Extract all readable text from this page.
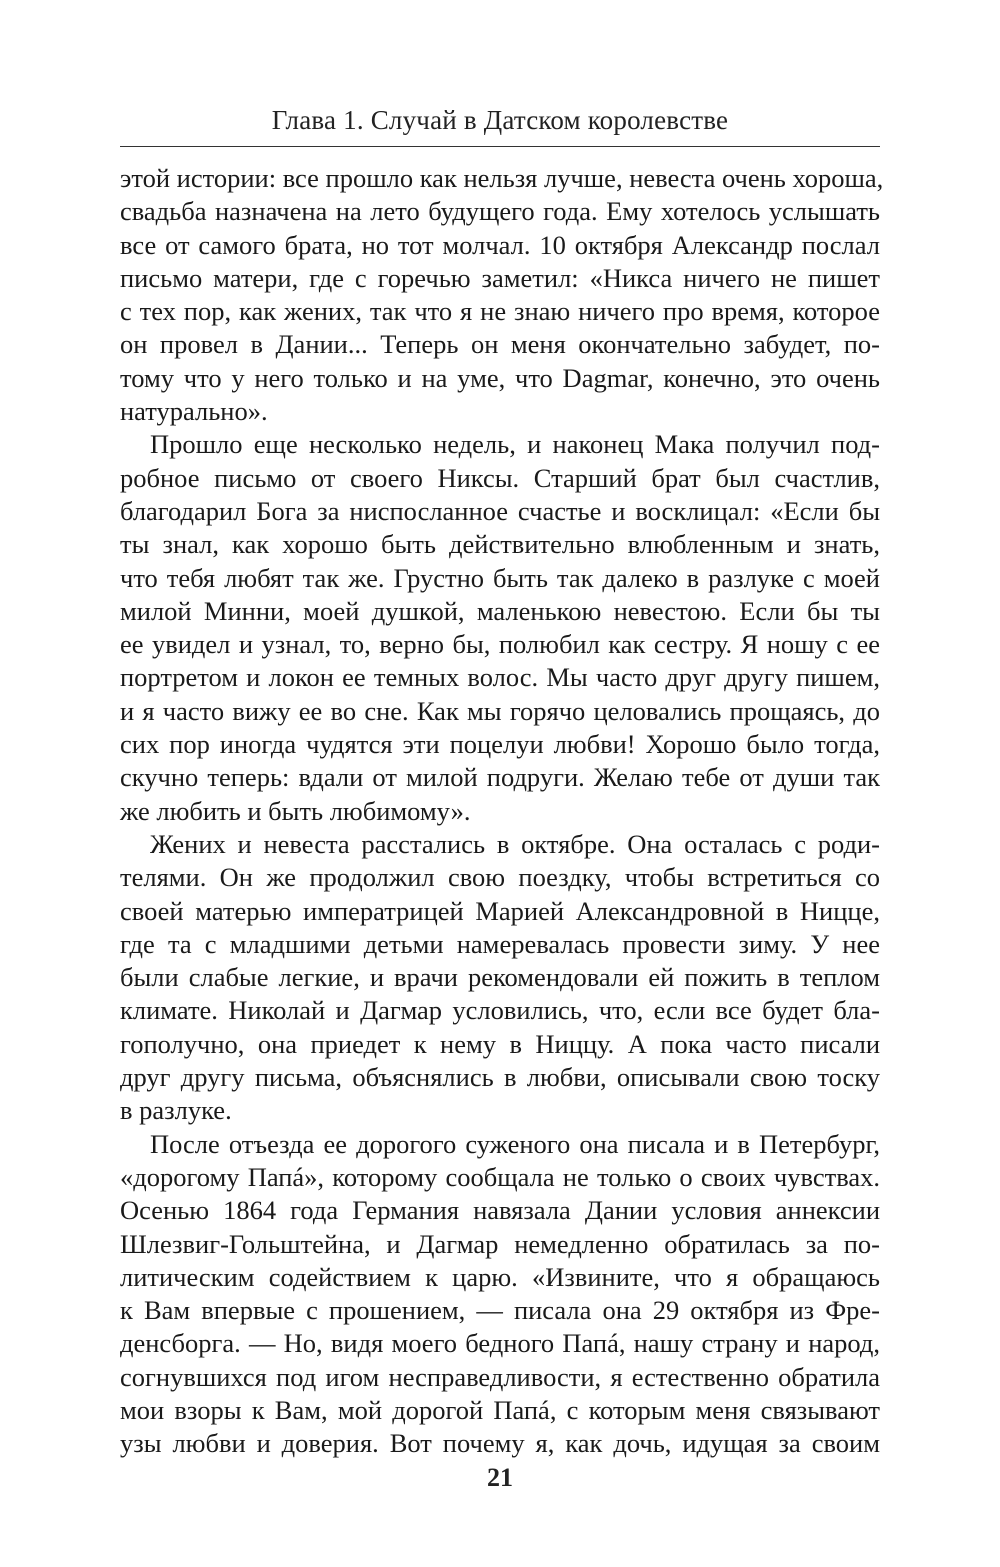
Глава 1. Случай в Датском королевстве
этой истории: все прошло как нельзя лучше, невеста очень хороша,
свадьба назначена на лето будущего года. Ему хотелось услышать
все от самого брата, но тот молчал. 10 октября Александр послал
письмо матери, где с горечью заметил: «Никса ничего не пишет
с тех пор, как жених, так что я не знаю ничего про время, которое
он провел в Дании... Теперь он меня окончательно забудет, по-
тому что у него только и на уме, что Dagmar, конечно, это очень
натурально».
Прошло еще несколько недель, и наконец Мака получил под-
робное письмо от своего Никсы. Старший брат был счастлив,
благодарил Бога за ниспосланное счастье и восклицал: «Если бы
ты знал, как хорошо быть действительно влюбленным и знать,
что тебя любят так же. Грустно быть так далеко в разлуке с моей
милой Минни, моей душкой, маленькою невестою. Если бы ты
ее увидел и узнал, то, верно бы, полюбил как сестру. Я ношу с ее
портретом и локон ее темных волос. Мы часто друг другу пишем,
и я часто вижу ее во сне. Как мы горячо целовались прощаясь, до
сих пор иногда чудятся эти поцелуи любви! Хорошо было тогда,
скучно теперь: вдали от милой подруги. Желаю тебе от души так
же любить и быть любимому».
Жених и невеста расстались в октябре. Она осталась с роди-
телями. Он же продолжил свою поездку, чтобы встретиться со
своей матерью императрицей Марией Александровной в Ницце,
где та с младшими детьми намеревалась провести зиму. У нее
были слабые легкие, и врачи рекомендовали ей пожить в теплом
климате. Николай и Дагмар условились, что, если все будет бла-
гополучно, она приедет к нему в Ниццу. А пока часто писали
друг другу письма, объяснялись в любви, описывали свою тоску
в разлуке.
После отъезда ее дорогого суженого она писала и в Петербург,
«дорогому Папá», которому сообщала не только о своих чувствах.
Осенью 1864 года Германия навязала Дании условия аннексии
Шлезвиг-Гольштейна, и Дагмар немедленно обратилась за по-
литическим содействием к царю. «Извините, что я обращаюсь
к Вам впервые с прошением, — писала она 29 октября из Фре-
денсборга. — Но, видя моего бедного Папá, нашу страну и народ,
согнувшихся под игом несправедливости, я естественно обратила
мои взоры к Вам, мой дорогой Папá, с которым меня связывают
узы любви и доверия. Вот почему я, как дочь, идущая за своим
21
